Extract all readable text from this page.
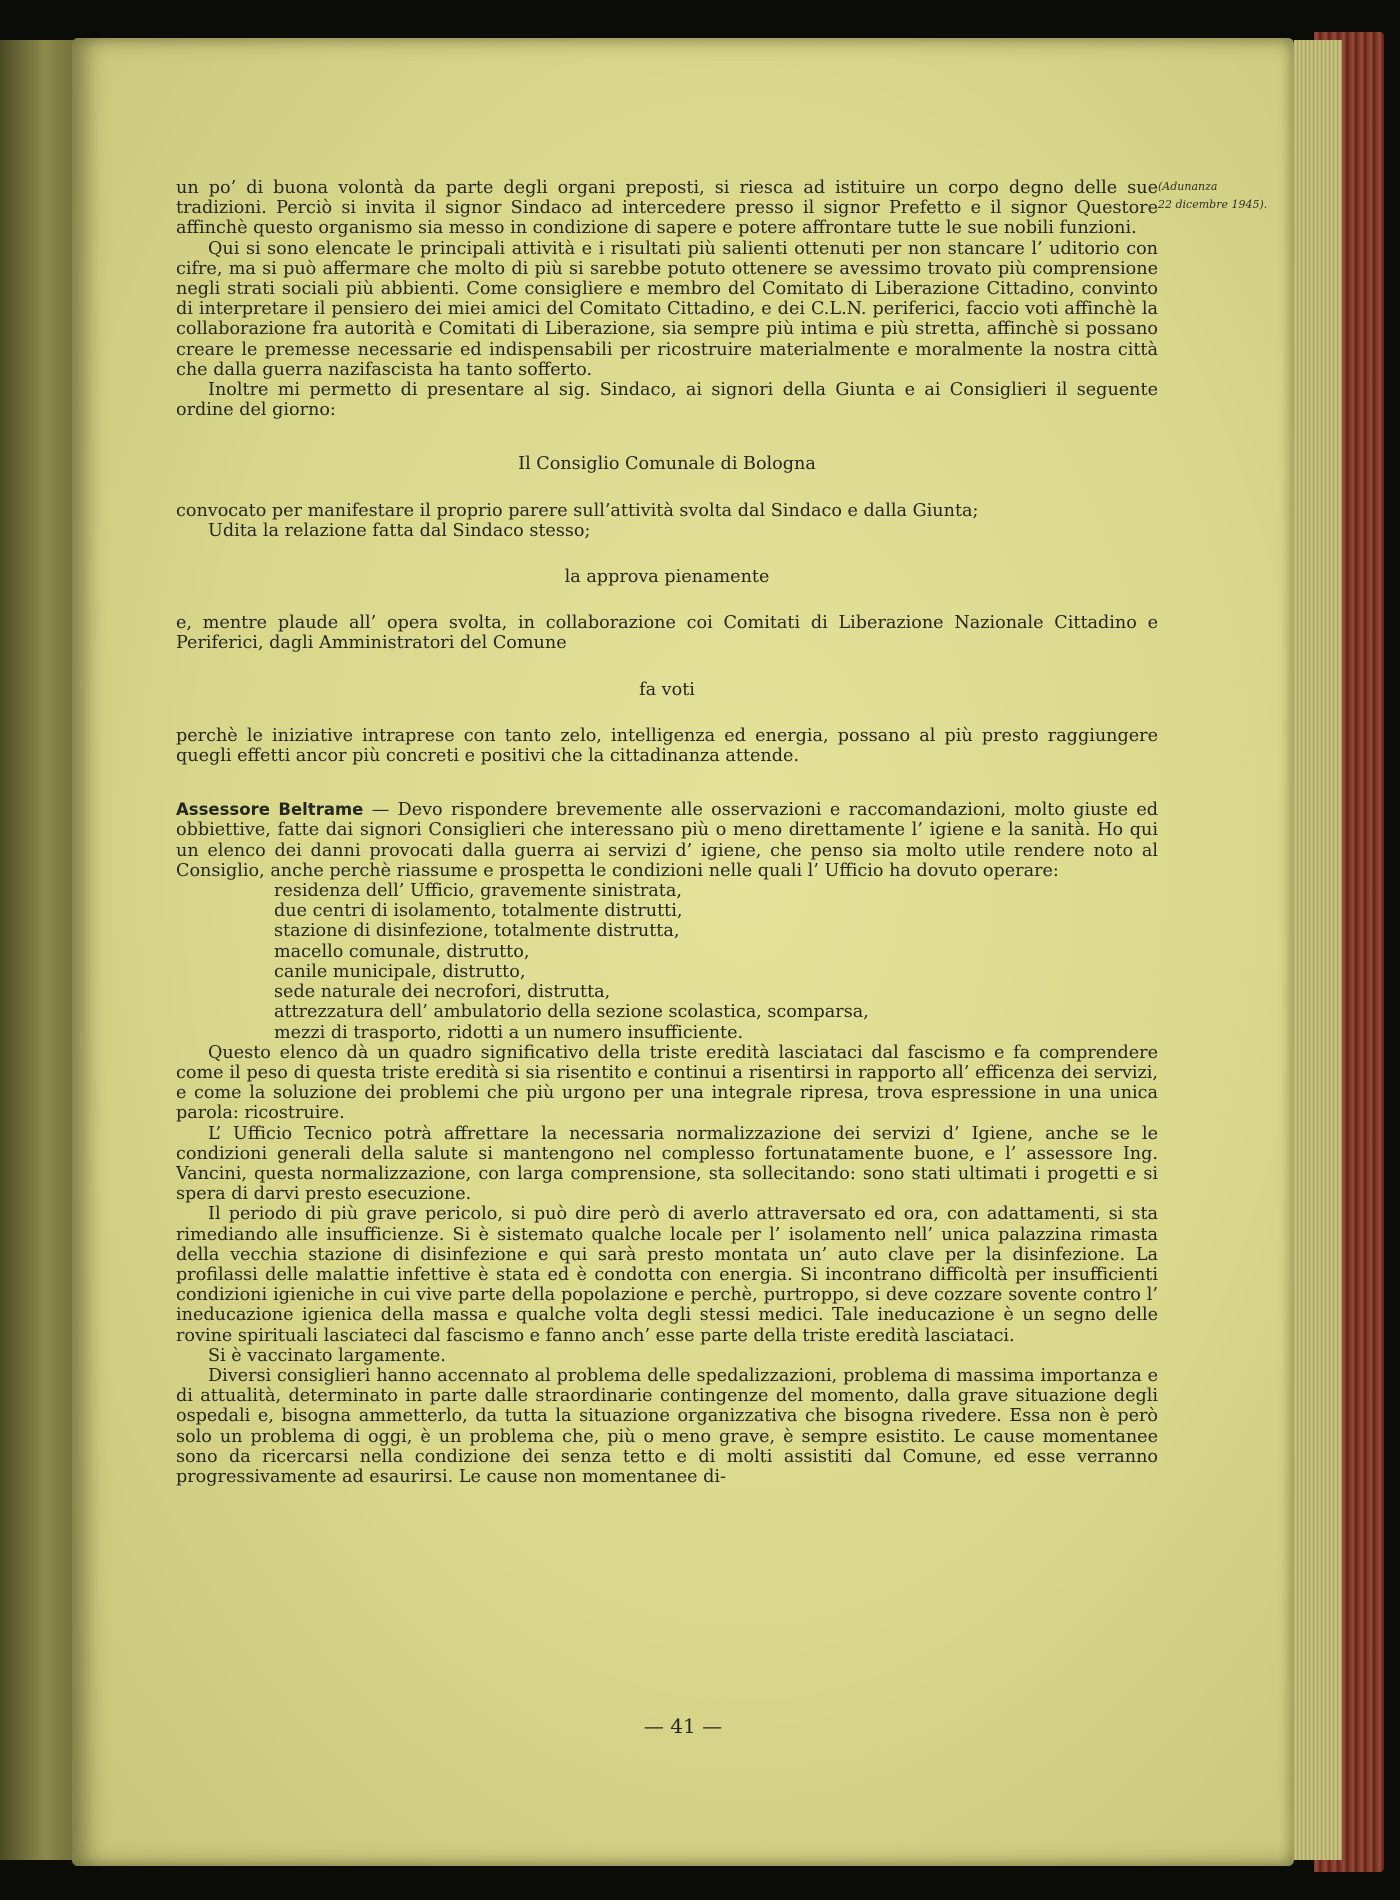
(Adunanza
22 dicembre 1945).

un po’ di buona volontà da parte degli organi preposti, si riesca ad istituire un corpo degno delle sue tradizioni. Perciò si invita il signor Sindaco ad intercedere presso il signor Prefetto e il signor Questore affinchè questo organismo sia messo in condizione di sapere e potere affrontare tutte le sue nobili funzioni.

Qui si sono elencate le principali attività e i risultati più salienti ottenuti per non stancare l’ uditorio con cifre, ma si può affermare che molto di più si sarebbe potuto ottenere se avessimo trovato più comprensione negli strati sociali più abbienti. Come consigliere e membro del Comitato di Liberazione Cittadino, convinto di interpretare il pensiero dei miei amici del Comitato Cittadino, e dei C.L.N. periferici, faccio voti affinchè la collaborazione fra autorità e Comitati di Liberazione, sia sempre più intima e più stretta, affinchè si possano creare le premesse necessarie ed indispensabili per ricostruire materialmente e moralmente la nostra città che dalla guerra nazifascista ha tanto sofferto.

Inoltre mi permetto di presentare al sig. Sindaco, ai signori della Giunta e ai Consiglieri il seguente ordine del giorno:

Il Consiglio Comunale di Bologna

convocato per manifestare il proprio parere sull’attività svolta dal Sindaco e dalla Giunta;

Udita la relazione fatta dal Sindaco stesso;

la approva pienamente

e, mentre plaude all’ opera svolta, in collaborazione coi Comitati di Liberazione Nazionale Cittadino e Periferici, dagli Amministratori del Comune

fa voti

perchè le iniziative intraprese con tanto zelo, intelligenza ed energia, possano al più presto raggiungere quegli effetti ancor più concreti e positivi che la cittadinanza attende.

Assessore Beltrame — Devo rispondere brevemente alle osservazioni e raccomandazioni, molto giuste ed obbiettive, fatte dai signori Consiglieri che interessano più o meno direttamente l’ igiene e la sanità. Ho qui un elenco dei danni provocati dalla guerra ai servizi d’ igiene, che penso sia molto utile rendere noto al Consiglio, anche perchè riassume e prospetta le condizioni nelle quali l’ Ufficio ha dovuto operare:

residenza dell’ Ufficio, gravemente sinistrata,
due centri di isolamento, totalmente distrutti,
stazione di disinfezione, totalmente distrutta,
macello comunale, distrutto,
canile municipale, distrutto,
sede naturale dei necrofori, distrutta,
attrezzatura dell’ ambulatorio della sezione scolastica, scomparsa,
mezzi di trasporto, ridotti a un numero insufficiente.

Questo elenco dà un quadro significativo della triste eredità lasciataci dal fascismo e fa comprendere come il peso di questa triste eredità si sia risentito e continui a risentirsi in rapporto all’ efficenza dei servizi, e come la soluzione dei problemi che più urgono per una integrale ripresa, trova espressione in una unica parola: ricostruire.

L’ Ufficio Tecnico potrà affrettare la necessaria normalizzazione dei servizi d’ Igiene, anche se le condizioni generali della salute si mantengono nel complesso fortunatamente buone, e l’ assessore Ing. Vancini, questa normalizzazione, con larga comprensione, sta sollecitando: sono stati ultimati i progetti e si spera di darvi presto esecuzione.

Il periodo di più grave pericolo, si può dire però di averlo attraversato ed ora, con adattamenti, si sta rimediando alle insufficienze. Si è sistemato qualche locale per l’ isolamento nell’ unica palazzina rimasta della vecchia stazione di disinfezione e qui sarà presto montata un’ auto clave per la disinfezione. La profilassi delle malattie infettive è stata ed è condotta con energia. Si incontrano difficoltà per insufficienti condizioni igieniche in cui vive parte della popolazione e perchè, purtroppo, si deve cozzare sovente contro l’ ineducazione igienica della massa e qualche volta degli stessi medici. Tale ineducazione è un segno delle rovine spirituali lasciateci dal fascismo e fanno anch’ esse parte della triste eredità lasciataci.

Si è vaccinato largamente.

Diversi consiglieri hanno accennato al problema delle spedalizzazioni, problema di massima importanza e di attualità, determinato in parte dalle straordinarie contingenze del momento, dalla grave situazione degli ospedali e, bisogna ammetterlo, da tutta la situazione organizzativa che bisogna rivedere. Essa non è però solo un problema di oggi, è un problema che, più o meno grave, è sempre esistito. Le cause momentanee sono da ricercarsi nella condizione dei senza tetto e di molti assistiti dal Comune, ed esse verranno progressivamente ad esaurirsi. Le cause non momentanee di-

— 41 —
